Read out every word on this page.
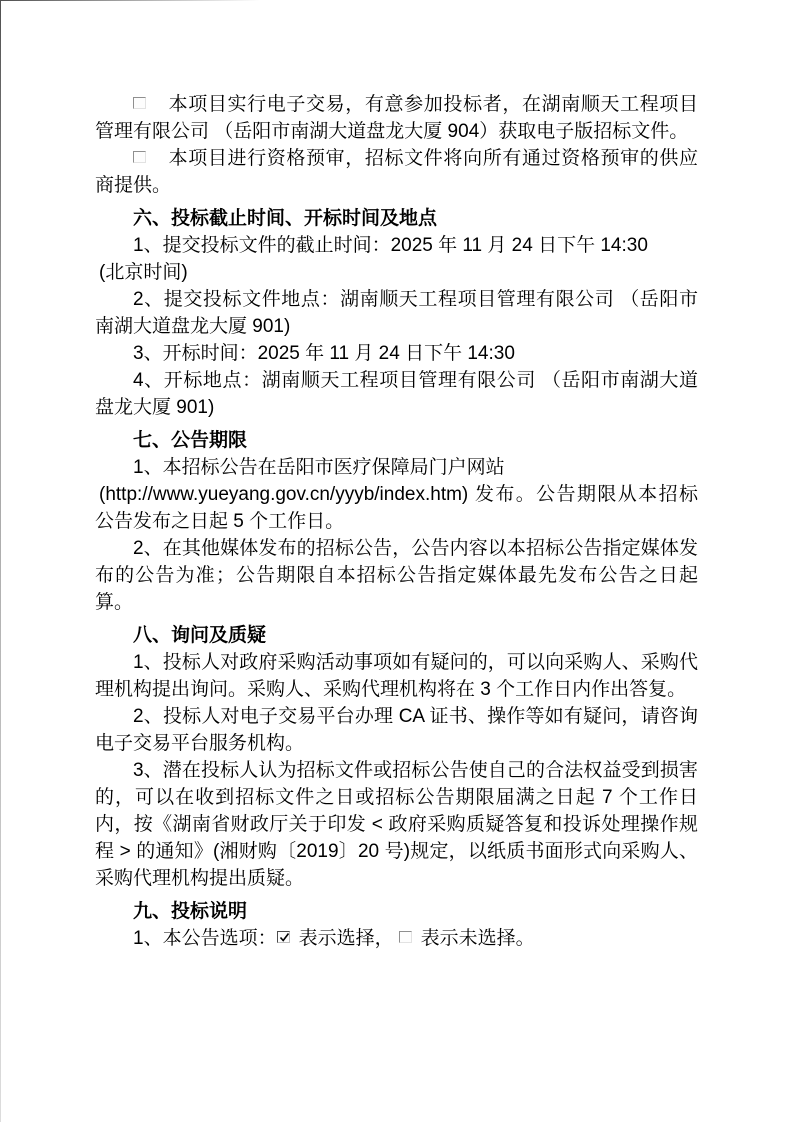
本项目实行电子交易，有意参加投标者，在湖南顺天工程项目管理有限公司 （岳阳市南湖大道盘龙大厦 904）获取电子版招标文件。

本项目进行资格预审，招标文件将向所有通过资格预审的供应商提供。

六、投标截止时间、开标时间及地点

1、提交投标文件的截止时间：2025 年 11 月 24 日下午 14:30
(北京时间)

2、提交投标文件地点：湖南顺天工程项目管理有限公司 （岳阳市南湖大道盘龙大厦 901)

3、开标时间：2025 年 11 月 24 日下午 14:30

4、开标地点：湖南顺天工程项目管理有限公司 （岳阳市南湖大道盘龙大厦 901)

七、公告期限

1、本招标公告在岳阳市医疗保障局门户网站
(http://www.yueyang.gov.cn/yyyb/index.htm) 发布。公告期限从本招标公告发布之日起 5 个工作日。

2、在其他媒体发布的招标公告，公告内容以本招标公告指定媒体发布的公告为准；公告期限自本招标公告指定媒体最先发布公告之日起算。

八、询问及质疑

1、投标人对政府采购活动事项如有疑问的，可以向采购人、采购代理机构提出询问。采购人、采购代理机构将在 3 个工作日内作出答复。

2、投标人对电子交易平台办理 CA 证书、操作等如有疑问，请咨询电子交易平台服务机构。

3、潜在投标人认为招标文件或招标公告使自己的合法权益受到损害的，可以在收到招标文件之日或招标公告期限届满之日起 7 个工作日内，按《湖南省财政厅关于印发 < 政府采购质疑答复和投诉处理操作规程 > 的通知》(湘财购〔2019〕20 号)规定，以纸质书面形式向采购人、采购代理机构提出质疑。

九、投标说明

1、本公告选项： 表示选择， 表示未选择。
